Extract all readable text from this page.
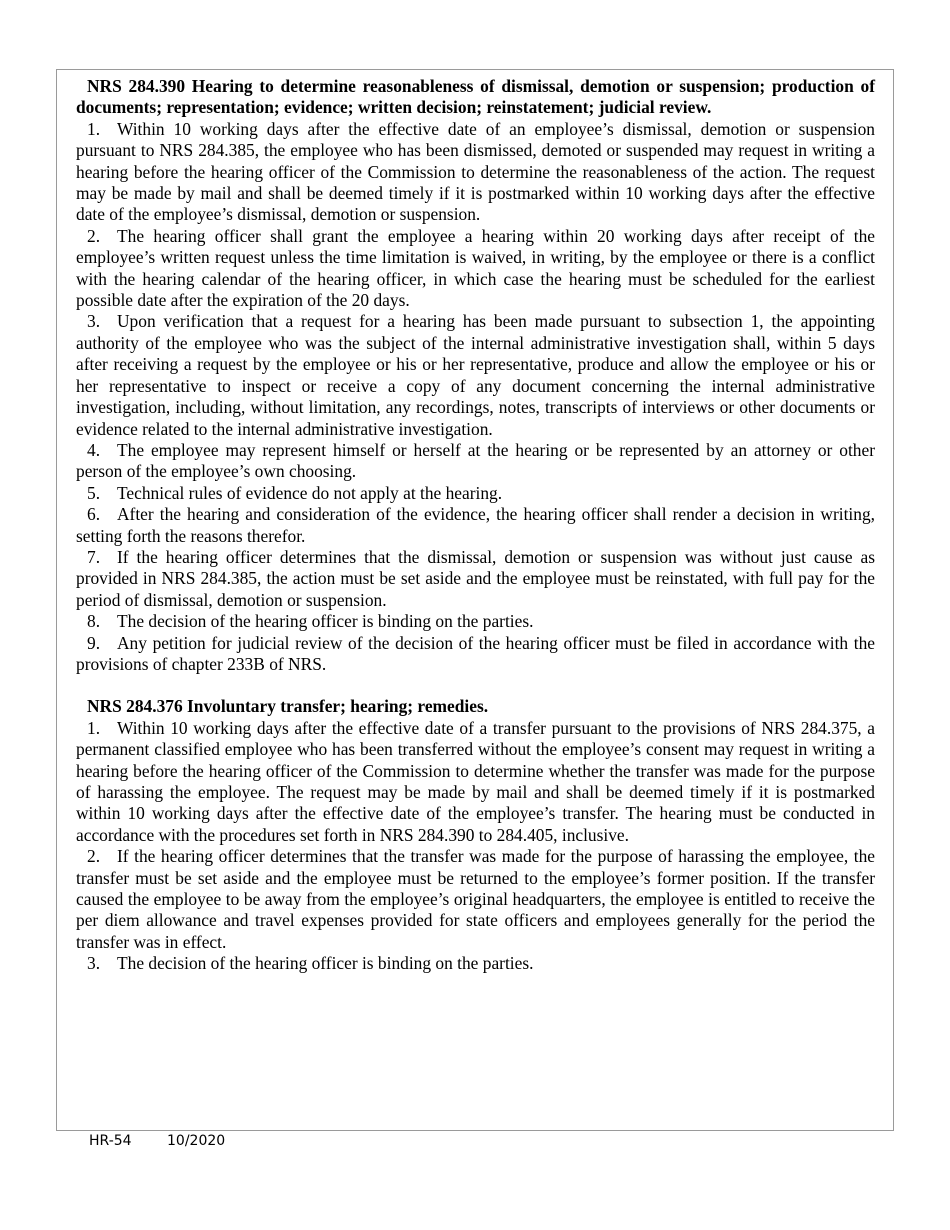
NRS 284.390 Hearing to determine reasonableness of dismissal, demotion or suspension; production of documents; representation; evidence; written decision; reinstatement; judicial review.

1. Within 10 working days after the effective date of an employee’s dismissal, demotion or suspension pursuant to NRS 284.385, the employee who has been dismissed, demoted or suspended may request in writing a hearing before the hearing officer of the Commission to determine the reasonableness of the action. The request may be made by mail and shall be deemed timely if it is postmarked within 10 working days after the effective date of the employee’s dismissal, demotion or suspension.

2. The hearing officer shall grant the employee a hearing within 20 working days after receipt of the employee’s written request unless the time limitation is waived, in writing, by the employee or there is a conflict with the hearing calendar of the hearing officer, in which case the hearing must be scheduled for the earliest possible date after the expiration of the 20 days.

3. Upon verification that a request for a hearing has been made pursuant to subsection 1, the appointing authority of the employee who was the subject of the internal administrative investigation shall, within 5 days after receiving a request by the employee or his or her representative, produce and allow the employee or his or her representative to inspect or receive a copy of any document concerning the internal administrative investigation, including, without limitation, any recordings, notes, transcripts of interviews or other documents or evidence related to the internal administrative investigation.

4. The employee may represent himself or herself at the hearing or be represented by an attorney or other person of the employee’s own choosing.

5. Technical rules of evidence do not apply at the hearing.

6. After the hearing and consideration of the evidence, the hearing officer shall render a decision in writing, setting forth the reasons therefor.

7. If the hearing officer determines that the dismissal, demotion or suspension was without just cause as provided in NRS 284.385, the action must be set aside and the employee must be reinstated, with full pay for the period of dismissal, demotion or suspension.

8. The decision of the hearing officer is binding on the parties.

9. Any petition for judicial review of the decision of the hearing officer must be filed in accordance with the provisions of chapter 233B of NRS.

NRS 284.376 Involuntary transfer; hearing; remedies.

1. Within 10 working days after the effective date of a transfer pursuant to the provisions of NRS 284.375, a permanent classified employee who has been transferred without the employee’s consent may request in writing a hearing before the hearing officer of the Commission to determine whether the transfer was made for the purpose of harassing the employee. The request may be made by mail and shall be deemed timely if it is postmarked within 10 working days after the effective date of the employee’s transfer. The hearing must be conducted in accordance with the procedures set forth in NRS 284.390 to 284.405, inclusive.

2. If the hearing officer determines that the transfer was made for the purpose of harassing the employee, the transfer must be set aside and the employee must be returned to the employee’s former position. If the transfer caused the employee to be away from the employee’s original headquarters, the employee is entitled to receive the per diem allowance and travel expenses provided for state officers and employees generally for the period the transfer was in effect.

3. The decision of the hearing officer is binding on the parties.

HR-54	10/2020
